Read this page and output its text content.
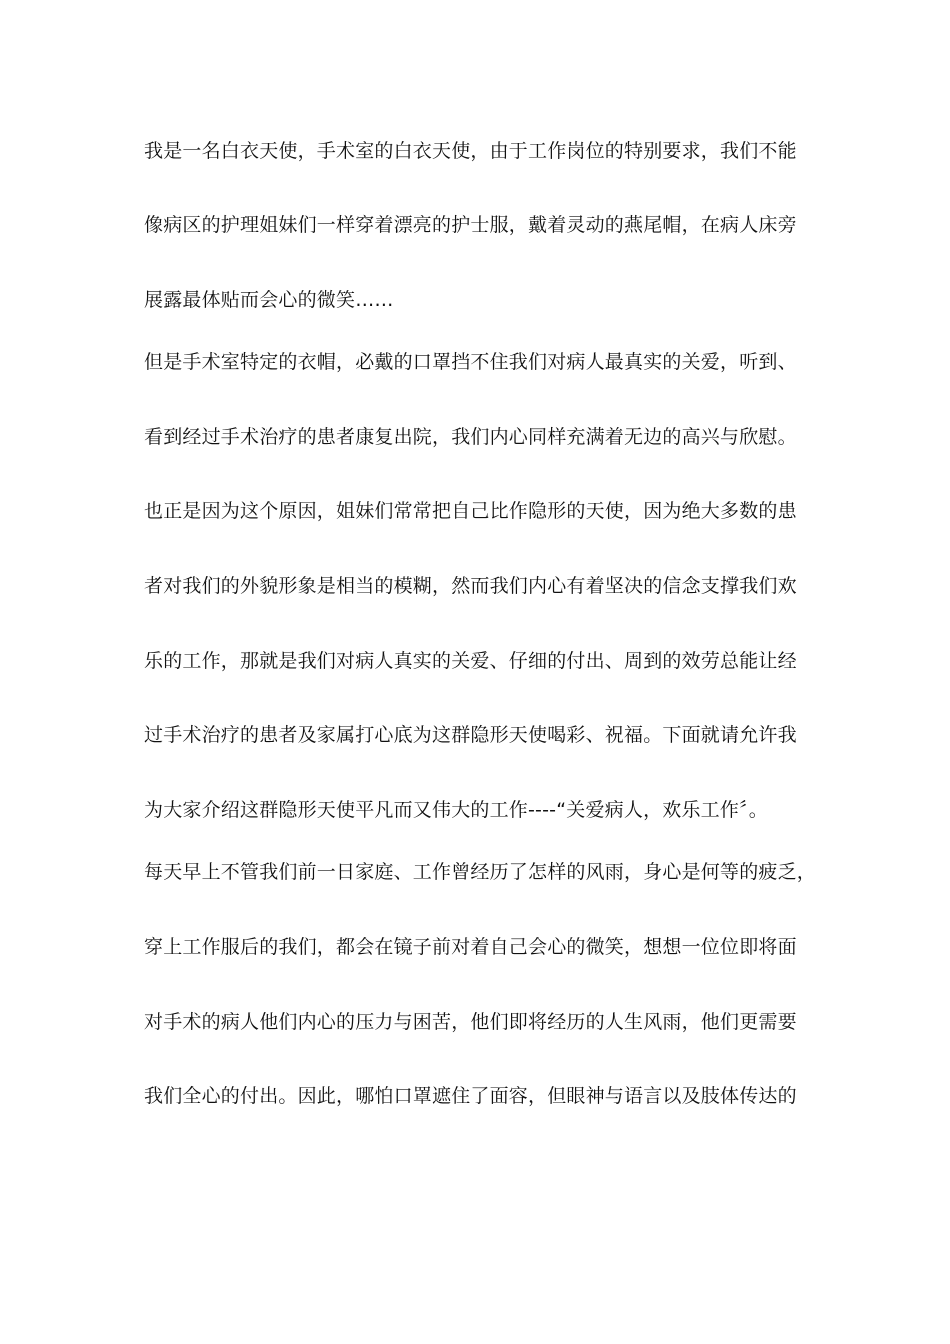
我是一名白衣天使，手术室的白衣天使，由于工作岗位的特别要求，我们不能
像病区的护理姐妹们一样穿着漂亮的护士服，戴着灵动的燕尾帽，在病人床旁
展露最体贴而会心的微笑……
但是手术室特定的衣帽，必戴的口罩挡不住我们对病人最真实的关爱，听到、
看到经过手术治疗的患者康复出院，我们内心同样充满着无边的高兴与欣慰。
也正是因为这个原因，姐妹们常常把自己比作隐形的天使，因为绝大多数的患
者对我们的外貌形象是相当的模糊，然而我们内心有着坚决的信念支撑我们欢
乐的工作，那就是我们对病人真实的关爱、仔细的付出、周到的效劳总能让经
过手术治疗的患者及家属打心底为这群隐形天使喝彩、祝福。下面就请允许我
为大家介绍这群隐形天使平凡而又伟大的工作‑‑‑‑“关爱病人，欢乐工作〞。
每天早上不管我们前一日家庭、工作曾经历了怎样的风雨，身心是何等的疲乏，
穿上工作服后的我们，都会在镜子前对着自己会心的微笑，想想一位位即将面
对手术的病人他们内心的压力与困苦，他们即将经历的人生风雨，他们更需要
我们全心的付出。因此，哪怕口罩遮住了面容，但眼神与语言以及肢体传达的
